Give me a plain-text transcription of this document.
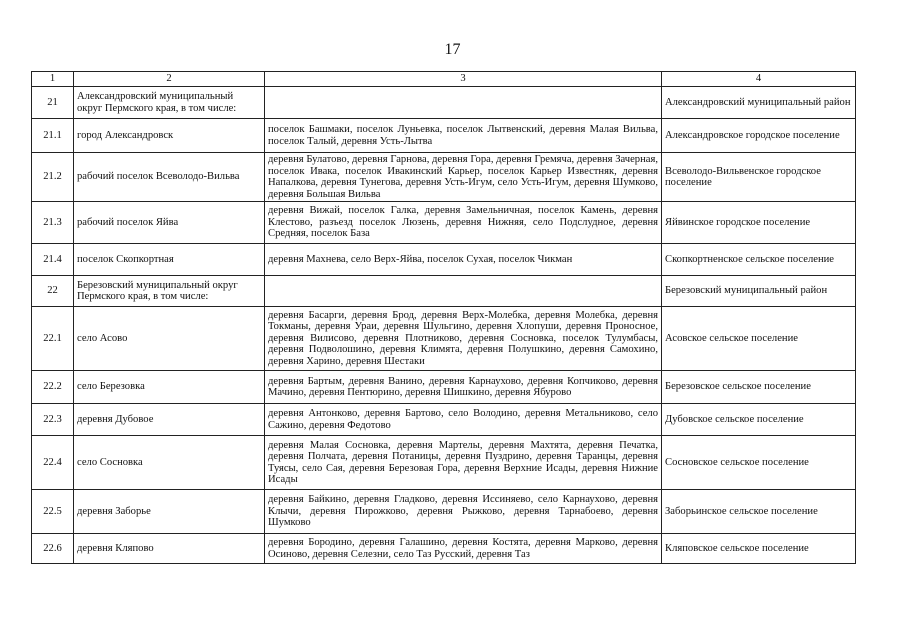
17
1	2	3	4
21	Александровский муниципальный округ Пермского края, в том числе:		Александровский муниципальный район
21.1	город Александровск	поселок Башмаки, поселок Луньевка, поселок Лытвенский, деревня Малая Вильва, поселок Талый, деревня Усть-Лытва	Александровское городское поселение
21.2	рабочий поселок Всеволодо-Вильва	деревня Булатово, деревня Гарнова, деревня Гора, деревня Гремяча, деревня Зачерная, поселок Ивака, поселок Ивакинский Карьер, поселок Карьер Известняк, деревня Напалкова, деревня Тунегова, деревня Усть-Игум, село Усть-Игум, деревня Шумково, деревня Большая Вильва	Всеволодо-Вильвенское городское поселение
21.3	рабочий поселок Яйва	деревня Вижай, поселок Галка, деревня Замельничная, поселок Камень, деревня Клестово, разъезд поселок Люзень, деревня Нижняя, село Подслудное, деревня Средняя, поселок База	Яйвинское городское поселение
21.4	поселок Скопкортная	деревня Махнева, село Верх-Яйва, поселок Сухая, поселок Чикман	Скопкортненское сельское поселение
22	Березовский муниципальный округ Пермского края, в том числе:		Березовский муниципальный район
22.1	село Асово	деревня Басарги, деревня Брод, деревня Верх-Молебка, деревня Молебка, деревня Токманы, деревня Ураи, деревня Шульгино, деревня Хлопуши, деревня Проносное, деревня Вилисово, деревня Плотниково, деревня Сосновка, поселок Тулумбасы, деревня Подволошино, деревня Климята, деревня Полушкино, деревня Самохино, деревня Харино, деревня Шестаки	Асовское сельское поселение
22.2	село Березовка	деревня Бартым, деревня Ванино, деревня Карнаухово, деревня Копчиково, деревня Мачино, деревня Пентюрино, деревня Шишкино, деревня Ябурово	Березовское сельское поселение
22.3	деревня Дубовое	деревня Антонково, деревня Бартово, село Володино, деревня Метальниково, село Сажино, деревня Федотово	Дубовское сельское поселение
22.4	село Сосновка	деревня Малая Сосновка, деревня Мартелы, деревня Махтята, деревня Печатка, деревня Полчата, деревня Потаницы, деревня Пуздрино, деревня Таранцы, деревня Туясы, село Сая, деревня Березовая Гора, деревня Верхние Исады, деревня Нижние Исады	Сосновское сельское поселение
22.5	деревня Заборье	деревня Байкино, деревня Гладково, деревня Иссиняево, село Карнаухово, деревня Клычи, деревня Пирожково, деревня Рыжково, деревня Тарнабоево, деревня Шумково	Заборьинское сельское поселение
22.6	деревня Кляпово	деревня Бородино, деревня Галашино, деревня Костята, деревня Марково, деревня Осиново, деревня Селезни, село Таз Русский, деревня Таз	Кляповское сельское поселение
